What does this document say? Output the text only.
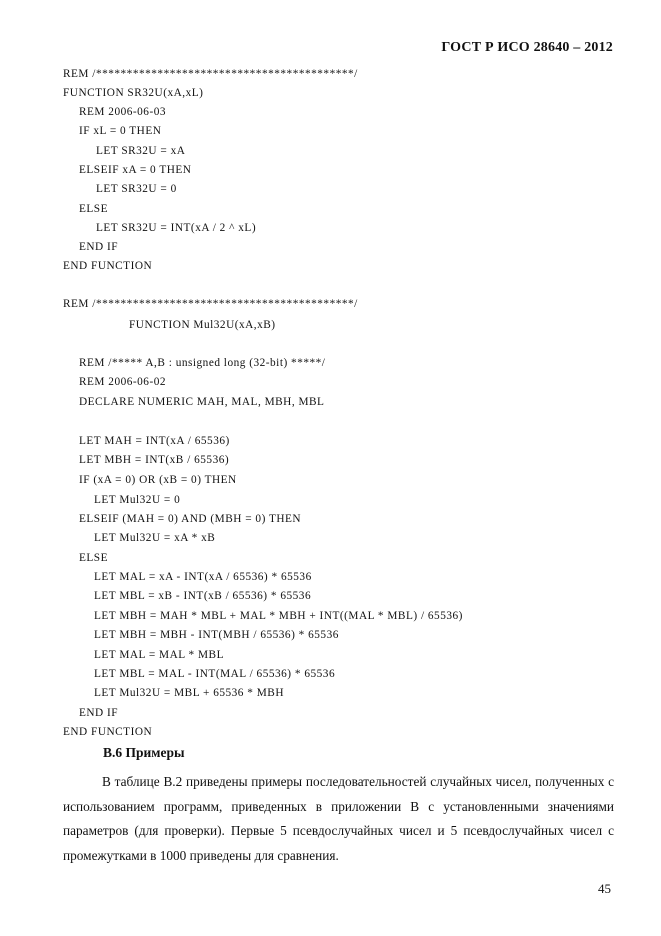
ГОСТ Р ИСО 28640 – 2012
REM /******************************************/
FUNCTION SR32U(xA,xL)
REM 2006-06-03
IF xL = 0 THEN
LET SR32U = xA
ELSEIF xA = 0 THEN
LET SR32U = 0
ELSE
LET SR32U = INT(xA / 2 ^ xL)
END IF
END FUNCTION
REM /******************************************/
FUNCTION Mul32U(xA,xB)
REM /***** A,B : unsigned long (32-bit) *****/
REM 2006-06-02
DECLARE NUMERIC MAH, MAL, MBH, MBL
LET MAH = INT(xA / 65536)
LET MBH = INT(xB / 65536)
IF (xA = 0) OR (xB = 0) THEN
LET Mul32U = 0
ELSEIF (MAH = 0) AND (MBH = 0) THEN
LET Mul32U = xA * xB
ELSE
LET MAL = xA - INT(xA / 65536) * 65536
LET MBL = xB - INT(xB / 65536) * 65536
LET MBH = MAH * MBL + MAL * MBH + INT((MAL * MBL) / 65536)
LET MBH = MBH - INT(MBH / 65536) * 65536
LET MAL = MAL * MBL
LET MBL = MAL - INT(MAL / 65536) * 65536
LET Mul32U = MBL + 65536 * MBH
END IF
END FUNCTION
В.6 Примеры

В таблице В.2 приведены примеры последовательностей случайных чисел, полученных с использованием программ, приведенных в приложении В с установленными значениями параметров (для проверки). Первые 5 псевдослучайных чисел и 5 псевдослучайных чисел с промежутками в 1000 приведены для сравнения.

45
